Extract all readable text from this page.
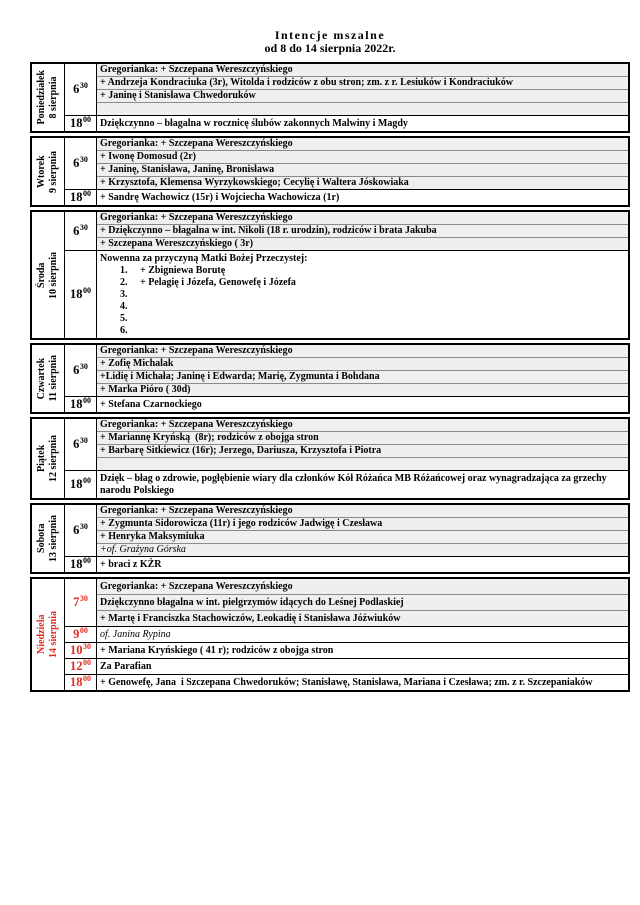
Intencje mszalne
od 8 do 14 sierpnia 2022r.
Poniedziałek 8 sierpnia 6 30
Gregorianka: + Szczepana Wereszczyńskiego
+ Andrzeja Kondraciuka (3r), Witolda i rodziców z obu stron; zm. z r. Lesiuków i Kondraciuków
+ Janinę i Stanisława Chwedoruków
18 00 Dziękczynno – błagalna w rocznicę ślubów zakonnych Malwiny i Magdy
Wtorek 9 sierpnia 6 30
Gregorianka: + Szczepana Wereszczyńskiego
+ Iwonę Domosud (2r)
+ Janinę, Stanisława, Janinę, Bronisława
+ Krzysztofa, Klemensa Wyrzykowskiego; Cecylię i Waltera Jóskowiaka
18 00 + Sandrę Wachowicz (15r) i Wojciecha Wachowicza (1r)
Środa 10 sierpnia
6 30
Gregorianka: + Szczepana Wereszczyńskiego
+ Dziękczynno – błagalna w int. Nikoli (18 r. urodzin), rodziców i brata Jakuba
+ Szczepana Wereszczyńskiego ( 3r)
18 00
Nowenna za przyczyną Matki Bożej Przeczystej:
1. + Zbigniewa Borutę
2. + Pelagię i Józefa, Genowefę i Józefa
3.
4.
5.
6.
Czwartek 11 sierpnia 6 30
Gregorianka: + Szczepana Wereszczyńskiego
+ Zofię Michalak
+Lidię i Michała; Janinę i Edwarda; Marię, Zygmunta i Bohdana
+ Marka Pióro ( 30d)
18 00 + Stefana Czarnockiego
Piątek 12 sierpnia 6 30
Gregorianka: + Szczepana Wereszczyńskiego
+ Mariannę Kryńską  (8r); rodziców z obojga stron
+ Barbarę Sitkiewicz (16r); Jerzego, Dariusza, Krzysztofa i Piotra
18 00 Dzięk – błag o zdrowie, pogłębienie wiary dla członków Kół Różańca MB Różańcowej oraz wynagradzająca za grzechy narodu Polskiego
Sobota 13 sierpnia 6 30
Gregorianka: + Szczepana Wereszczyńskiego
+ Zygmunta Sidorowicza (11r) i jego rodziców Jadwigę i Czesława
+ Henryka Maksymiuka
+of. Grażyna Górska
18 00 + braci z KŻR
Niedziela 14 sierpnia
7 30
Gregorianka: + Szczepana Wereszczyńskiego
Dziękczynno błagalna w int. pielgrzymów idących do Leśnej Podlaskiej
+ Martę i Franciszka Stachowiczów, Leokadię i Stanisława Jóźwiuków
9 00	of. Janina Rypina
10 30 + Mariana Kryńskiego ( 41 r); rodziców z obojga stron
12 00 Za Parafian
18 00 + Genowefę, Jana  i Szczepana Chwedoruków; Stanisławę, Stanisława, Mariana i Czesława; zm. z r. Szczepaniaków
